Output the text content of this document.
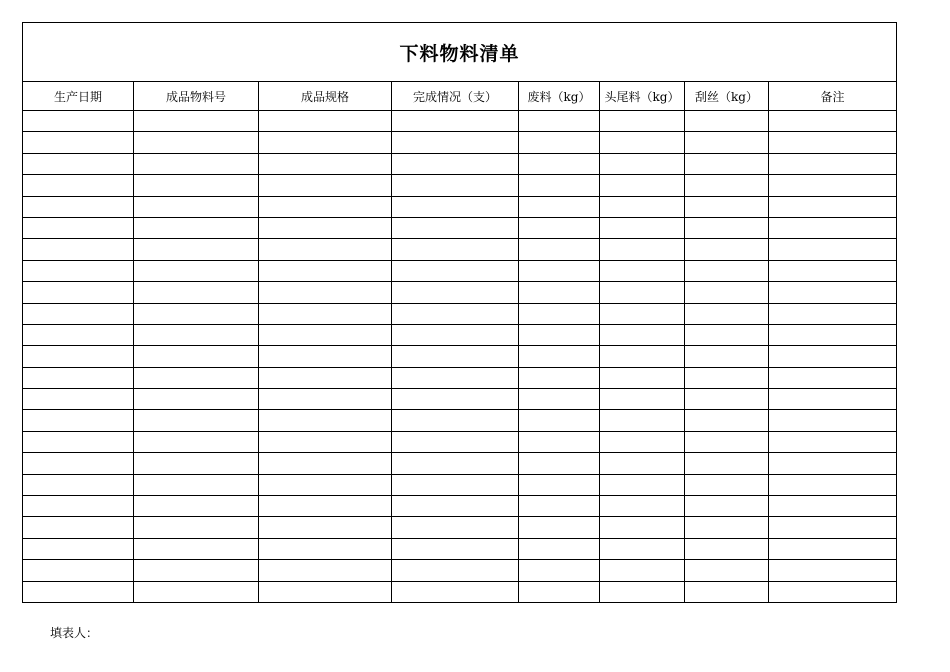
下料物料清单							
生产日期	成品物料号	成品规格	完成情况（支）	废料（kg）	头尾料（kg）	刮丝（kg）	备注

填表人：
